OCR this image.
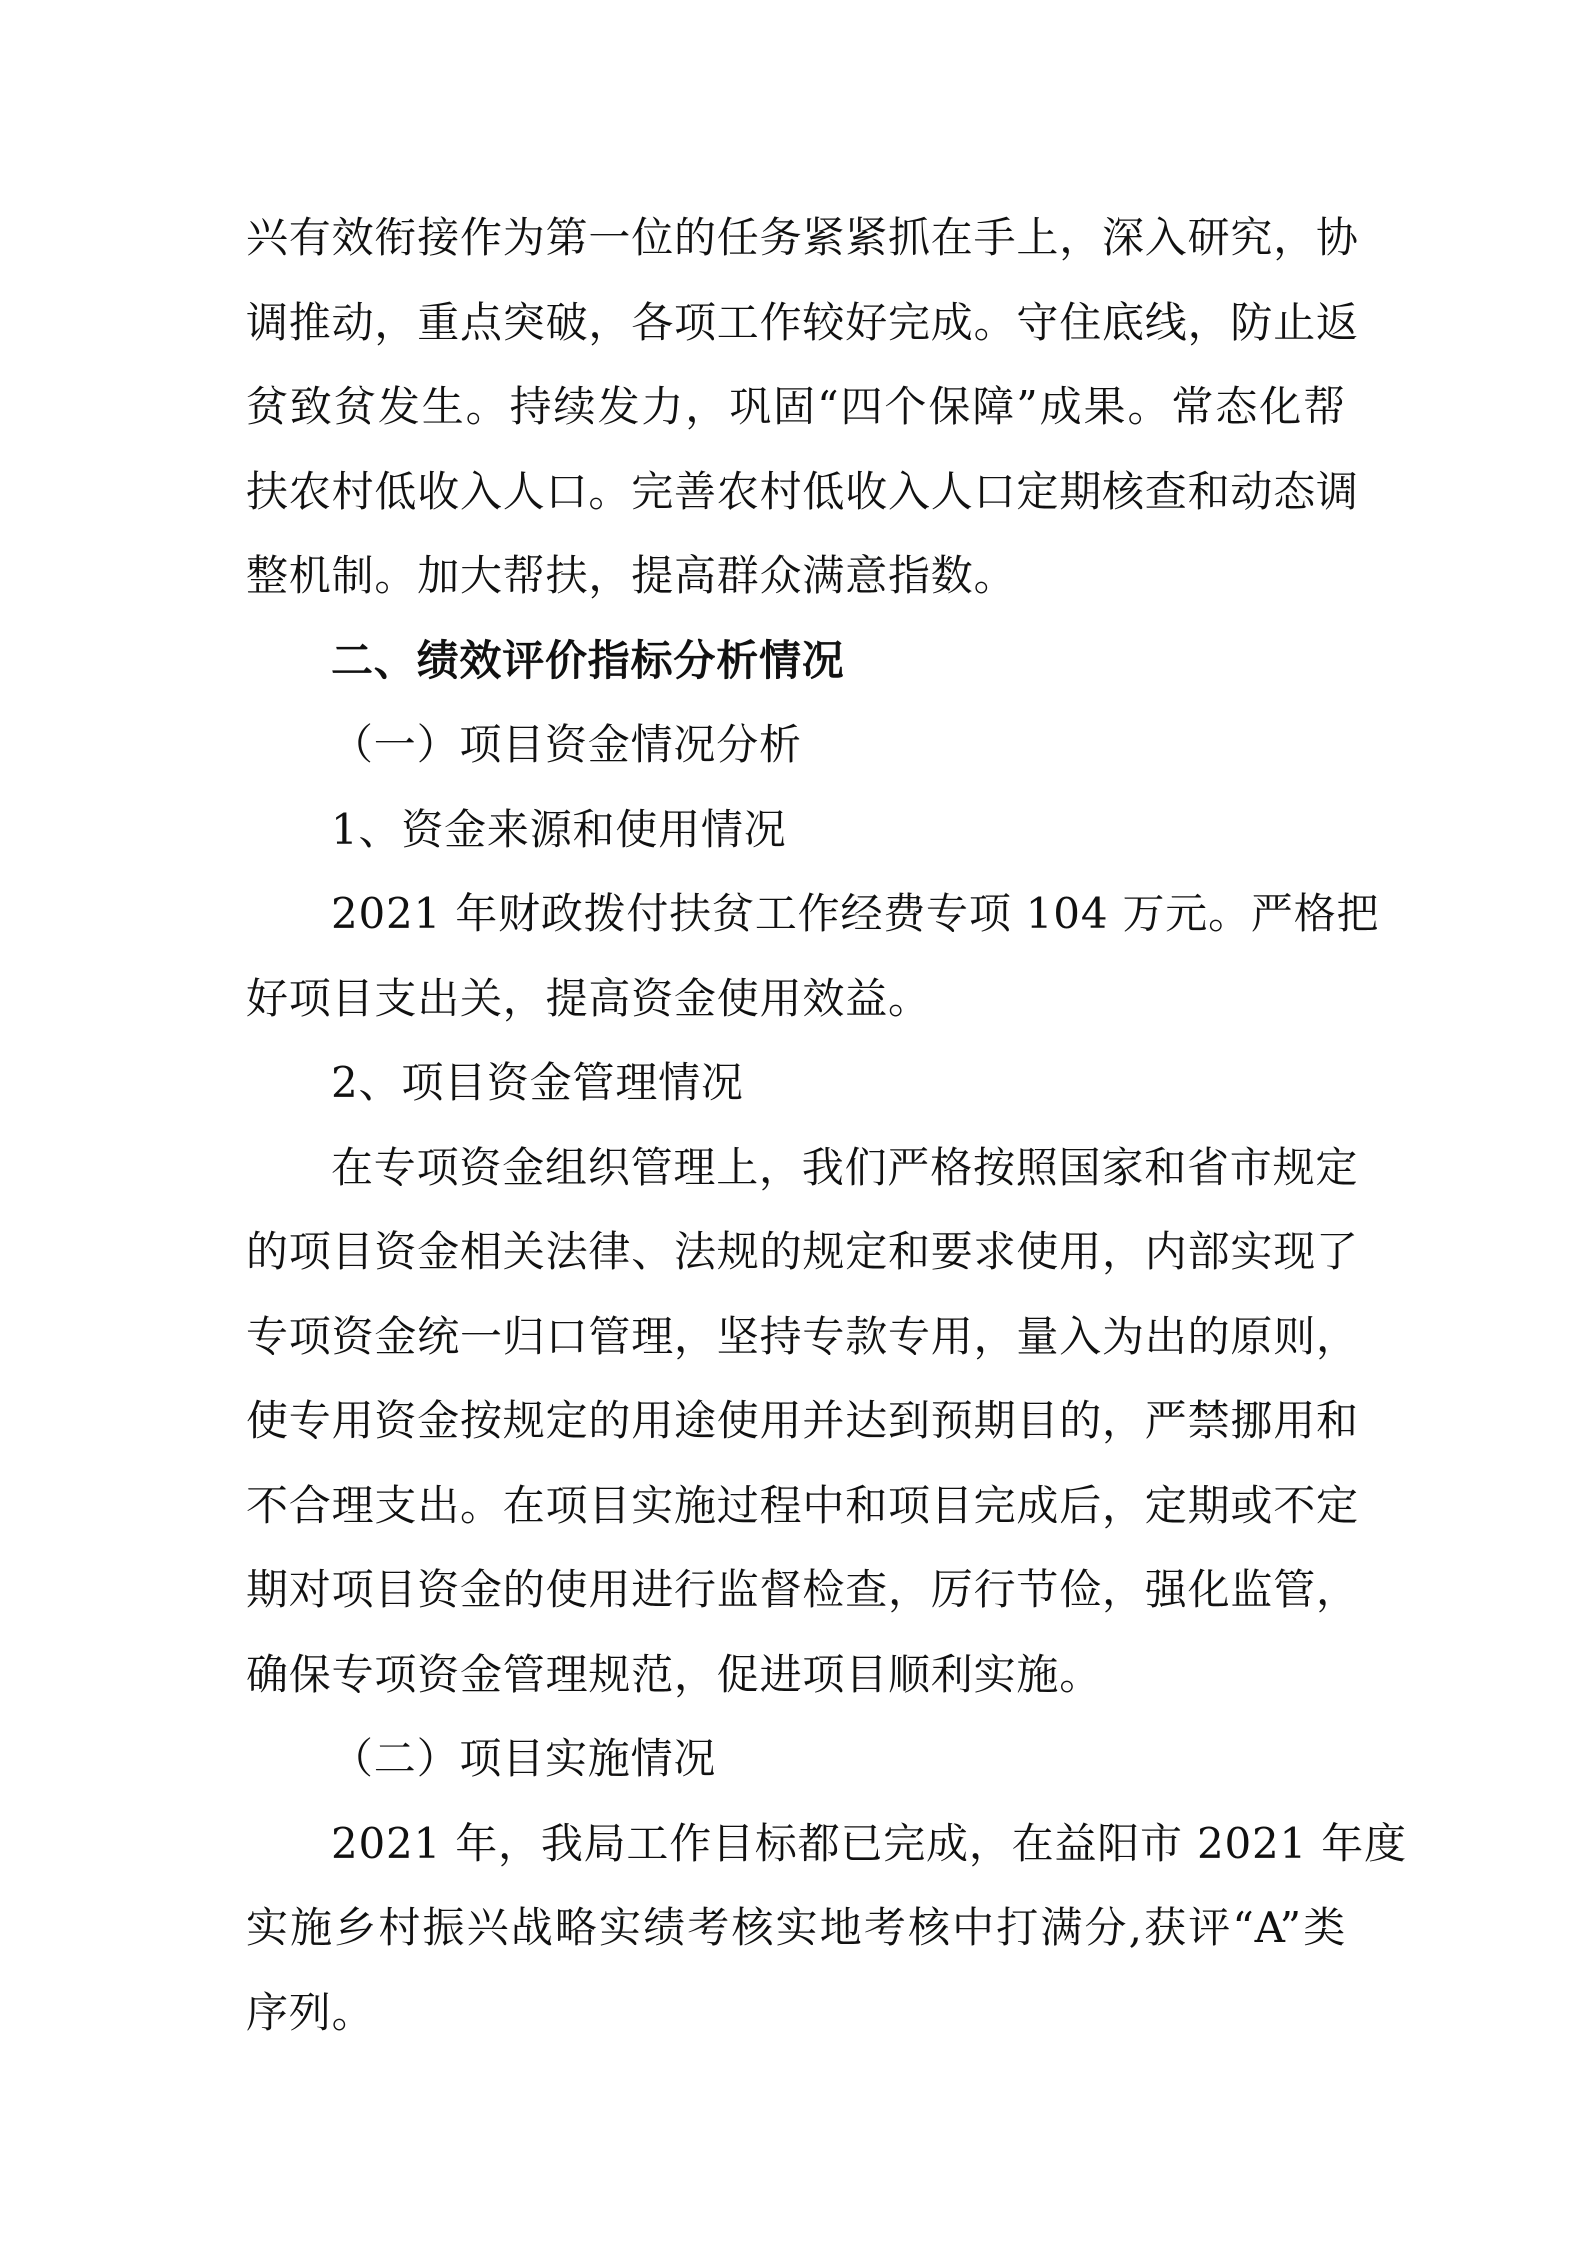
兴有效衔接作为第一位的任务紧紧抓在手上，深入研究，协
调推动，重点突破，各项工作较好完成。守住底线，防止返
贫致贫发生。持续发力，巩固“四个保障”成果。常态化帮
扶农村低收入人口。完善农村低收入人口定期核查和动态调
整机制。加大帮扶，提高群众满意指数。
二、绩效评价指标分析情况
（一）项目资金情况分析
1、资金来源和使用情况
2021 年财政拨付扶贫工作经费专项 104 万元。严格把
好项目支出关，提高资金使用效益。
2、项目资金管理情况
在专项资金组织管理上，我们严格按照国家和省市规定
的项目资金相关法律、法规的规定和要求使用，内部实现了
专项资金统一归口管理，坚持专款专用，量入为出的原则，
使专用资金按规定的用途使用并达到预期目的，严禁挪用和
不合理支出。在项目实施过程中和项目完成后，定期或不定
期对项目资金的使用进行监督检查，厉行节俭，强化监管，
确保专项资金管理规范，促进项目顺利实施。
（二）项目实施情况
2021 年，我局工作目标都已完成，在益阳市 2021 年度
实施乡村振兴战略实绩考核实地考核中打满分,获评“A”类
序列。
